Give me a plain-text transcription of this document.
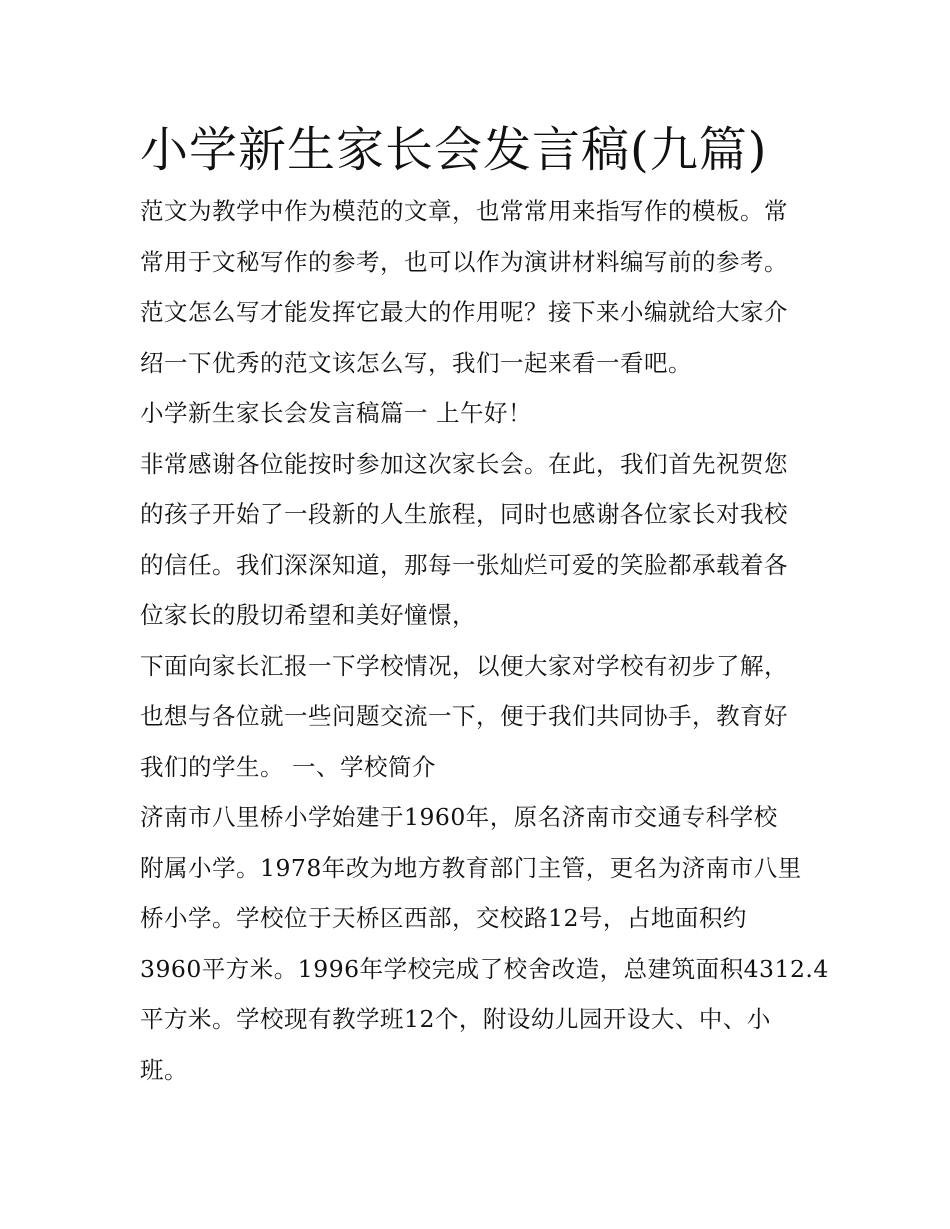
小学新生家长会发言稿(九篇)
范文为教学中作为模范的文章，也常常用来指写作的模板。常
常用于文秘写作的参考，也可以作为演讲材料编写前的参考。
范文怎么写才能发挥它最大的作用呢？接下来小编就给大家介
绍一下优秀的范文该怎么写，我们一起来看一看吧。
小学新生家长会发言稿篇一 上午好！
非常感谢各位能按时参加这次家长会。在此，我们首先祝贺您
的孩子开始了一段新的人生旅程，同时也感谢各位家长对我校
的信任。我们深深知道，那每一张灿烂可爱的笑脸都承载着各
位家长的殷切希望和美好憧憬，
下面向家长汇报一下学校情况，以便大家对学校有初步了解，
也想与各位就一些问题交流一下，便于我们共同协手，教育好
我们的学生。 一、学校简介
济南市八里桥小学始建于1960年，原名济南市交通专科学校
附属小学。1978年改为地方教育部门主管，更名为济南市八里
桥小学。学校位于天桥区西部，交校路12号，占地面积约
3960平方米。1996年学校完成了校舍改造，总建筑面积4312.4
平方米。学校现有教学班12个，附设幼儿园开设大、中、小
班。
